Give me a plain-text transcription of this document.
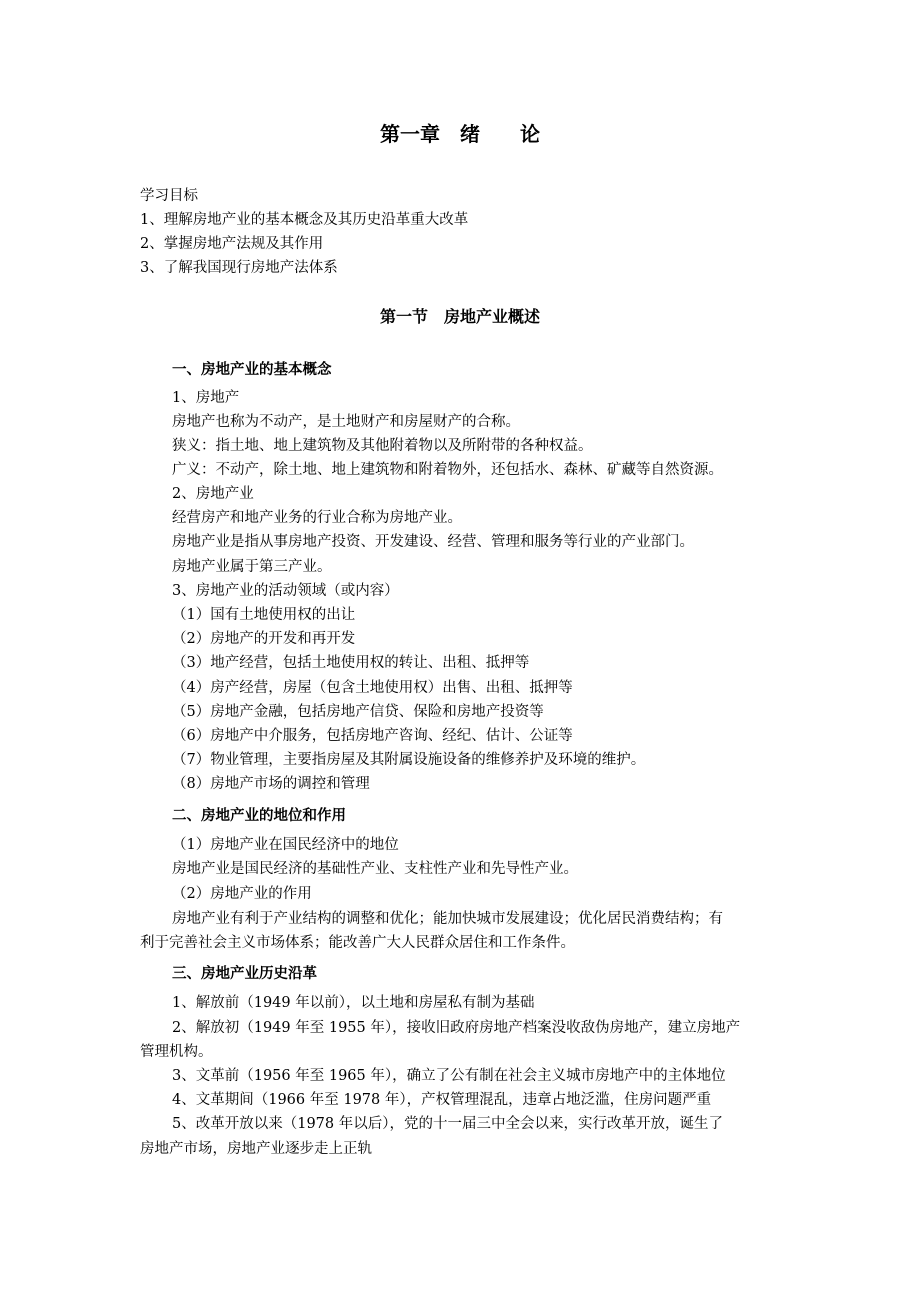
第一章　绪　　论
学习目标
1、理解房地产业的基本概念及其历史沿革重大改革
2、掌握房地产法规及其作用
3、了解我国现行房地产法体系
第一节　房地产业概述
一、房地产业的基本概念
1、房地产
房地产也称为不动产，是土地财产和房屋财产的合称。
狭义：指土地、地上建筑物及其他附着物以及所附带的各种权益。
广义：不动产，除土地、地上建筑物和附着物外，还包括水、森林、矿藏等自然资源。
2、房地产业
经营房产和地产业务的行业合称为房地产业。
房地产业是指从事房地产投资、开发建设、经营、管理和服务等行业的产业部门。
房地产业属于第三产业。
3、房地产业的活动领域（或内容）
（1）国有土地使用权的出让
（2）房地产的开发和再开发
（3）地产经营，包括土地使用权的转让、出租、抵押等
（4）房产经营，房屋（包含土地使用权）出售、出租、抵押等
（5）房地产金融，包括房地产信贷、保险和房地产投资等
（6）房地产中介服务，包括房地产咨询、经纪、估计、公证等
（7）物业管理，主要指房屋及其附属设施设备的维修养护及环境的维护。
（8）房地产市场的调控和管理
二、房地产业的地位和作用
（1）房地产业在国民经济中的地位
房地产业是国民经济的基础性产业、支柱性产业和先导性产业。
（2）房地产业的作用
房地产业有利于产业结构的调整和优化；能加快城市发展建设；优化居民消费结构；有
利于完善社会主义市场体系；能改善广大人民群众居住和工作条件。
三、房地产业历史沿革
1、解放前（1949 年以前），以土地和房屋私有制为基础
2、解放初（1949 年至 1955 年），接收旧政府房地产档案没收敌伪房地产，建立房地产
管理机构。
3、文革前（1956 年至 1965 年），确立了公有制在社会主义城市房地产中的主体地位
4、文革期间（1966 年至 1978 年），产权管理混乱，违章占地泛滥，住房问题严重
5、改革开放以来（1978 年以后），党的十一届三中全会以来，实行改革开放，诞生了
房地产市场，房地产业逐步走上正轨
